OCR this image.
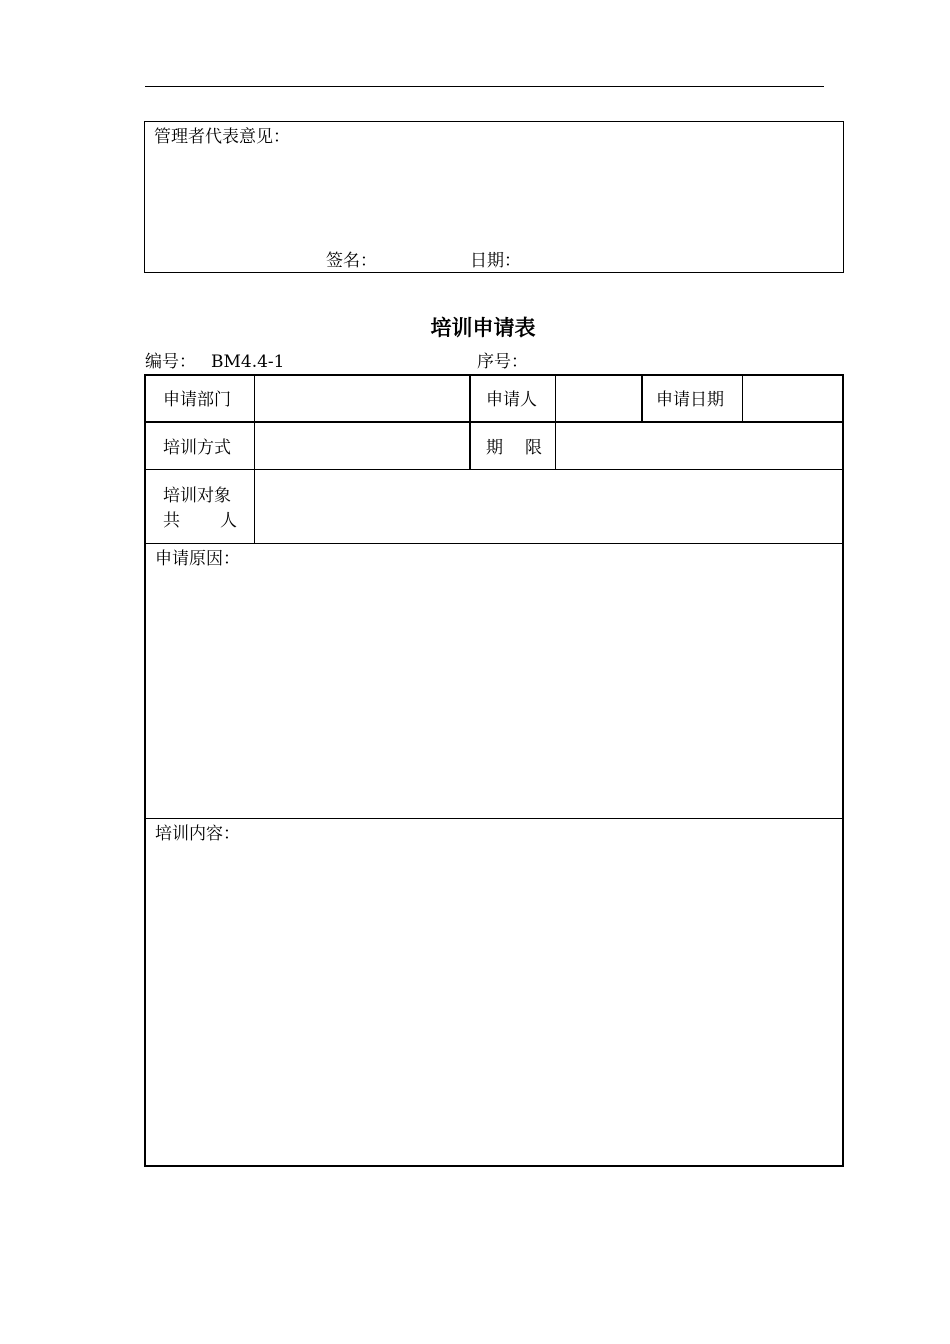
管理者代表意见：
签名：	日期：
培训申请表
编号： BM4.4-1	序号：
申请部门	申请人	申请日期
培训方式	期 限
培训对象
共 人
申请原因：
培训内容：
